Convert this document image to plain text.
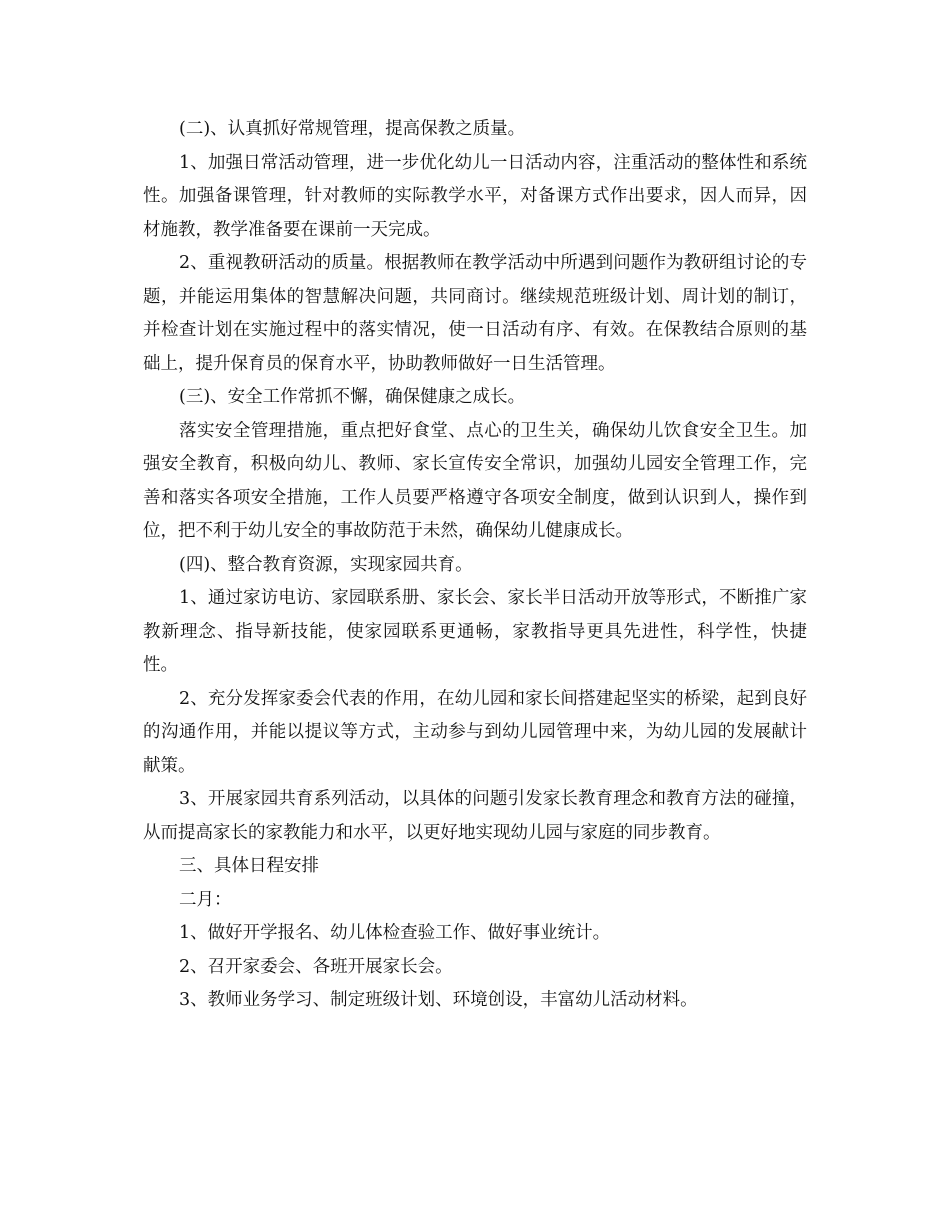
(二)、认真抓好常规管理，提高保教之质量。

1、加强日常活动管理，进一步优化幼儿一日活动内容，注重活动的整体性和系统性。加强备课管理，针对教师的实际教学水平，对备课方式作出要求，因人而异，因材施教，教学准备要在课前一天完成。

2、重视教研活动的质量。根据教师在教学活动中所遇到问题作为教研组讨论的专题，并能运用集体的智慧解决问题，共同商讨。继续规范班级计划、周计划的制订，并检查计划在实施过程中的落实情况，使一日活动有序、有效。在保教结合原则的基础上，提升保育员的保育水平，协助教师做好一日生活管理。

(三)、安全工作常抓不懈，确保健康之成长。

落实安全管理措施，重点把好食堂、点心的卫生关，确保幼儿饮食安全卫生。加强安全教育，积极向幼儿、教师、家长宣传安全常识，加强幼儿园安全管理工作，完善和落实各项安全措施，工作人员要严格遵守各项安全制度，做到认识到人，操作到位，把不利于幼儿安全的事故防范于未然，确保幼儿健康成长。

(四)、整合教育资源，实现家园共育。

1、通过家访电访、家园联系册、家长会、家长半日活动开放等形式，不断推广家教新理念、指导新技能，使家园联系更通畅，家教指导更具先进性，科学性，快捷性。

2、充分发挥家委会代表的作用，在幼儿园和家长间搭建起坚实的桥梁，起到良好的沟通作用，并能以提议等方式，主动参与到幼儿园管理中来，为幼儿园的发展献计献策。

3、开展家园共育系列活动，以具体的问题引发家长教育理念和教育方法的碰撞，从而提高家长的家教能力和水平，以更好地实现幼儿园与家庭的同步教育。

三、具体日程安排

二月：

1、做好开学报名、幼儿体检查验工作、做好事业统计。

2、召开家委会、各班开展家长会。

3、教师业务学习、制定班级计划、环境创设，丰富幼儿活动材料。
